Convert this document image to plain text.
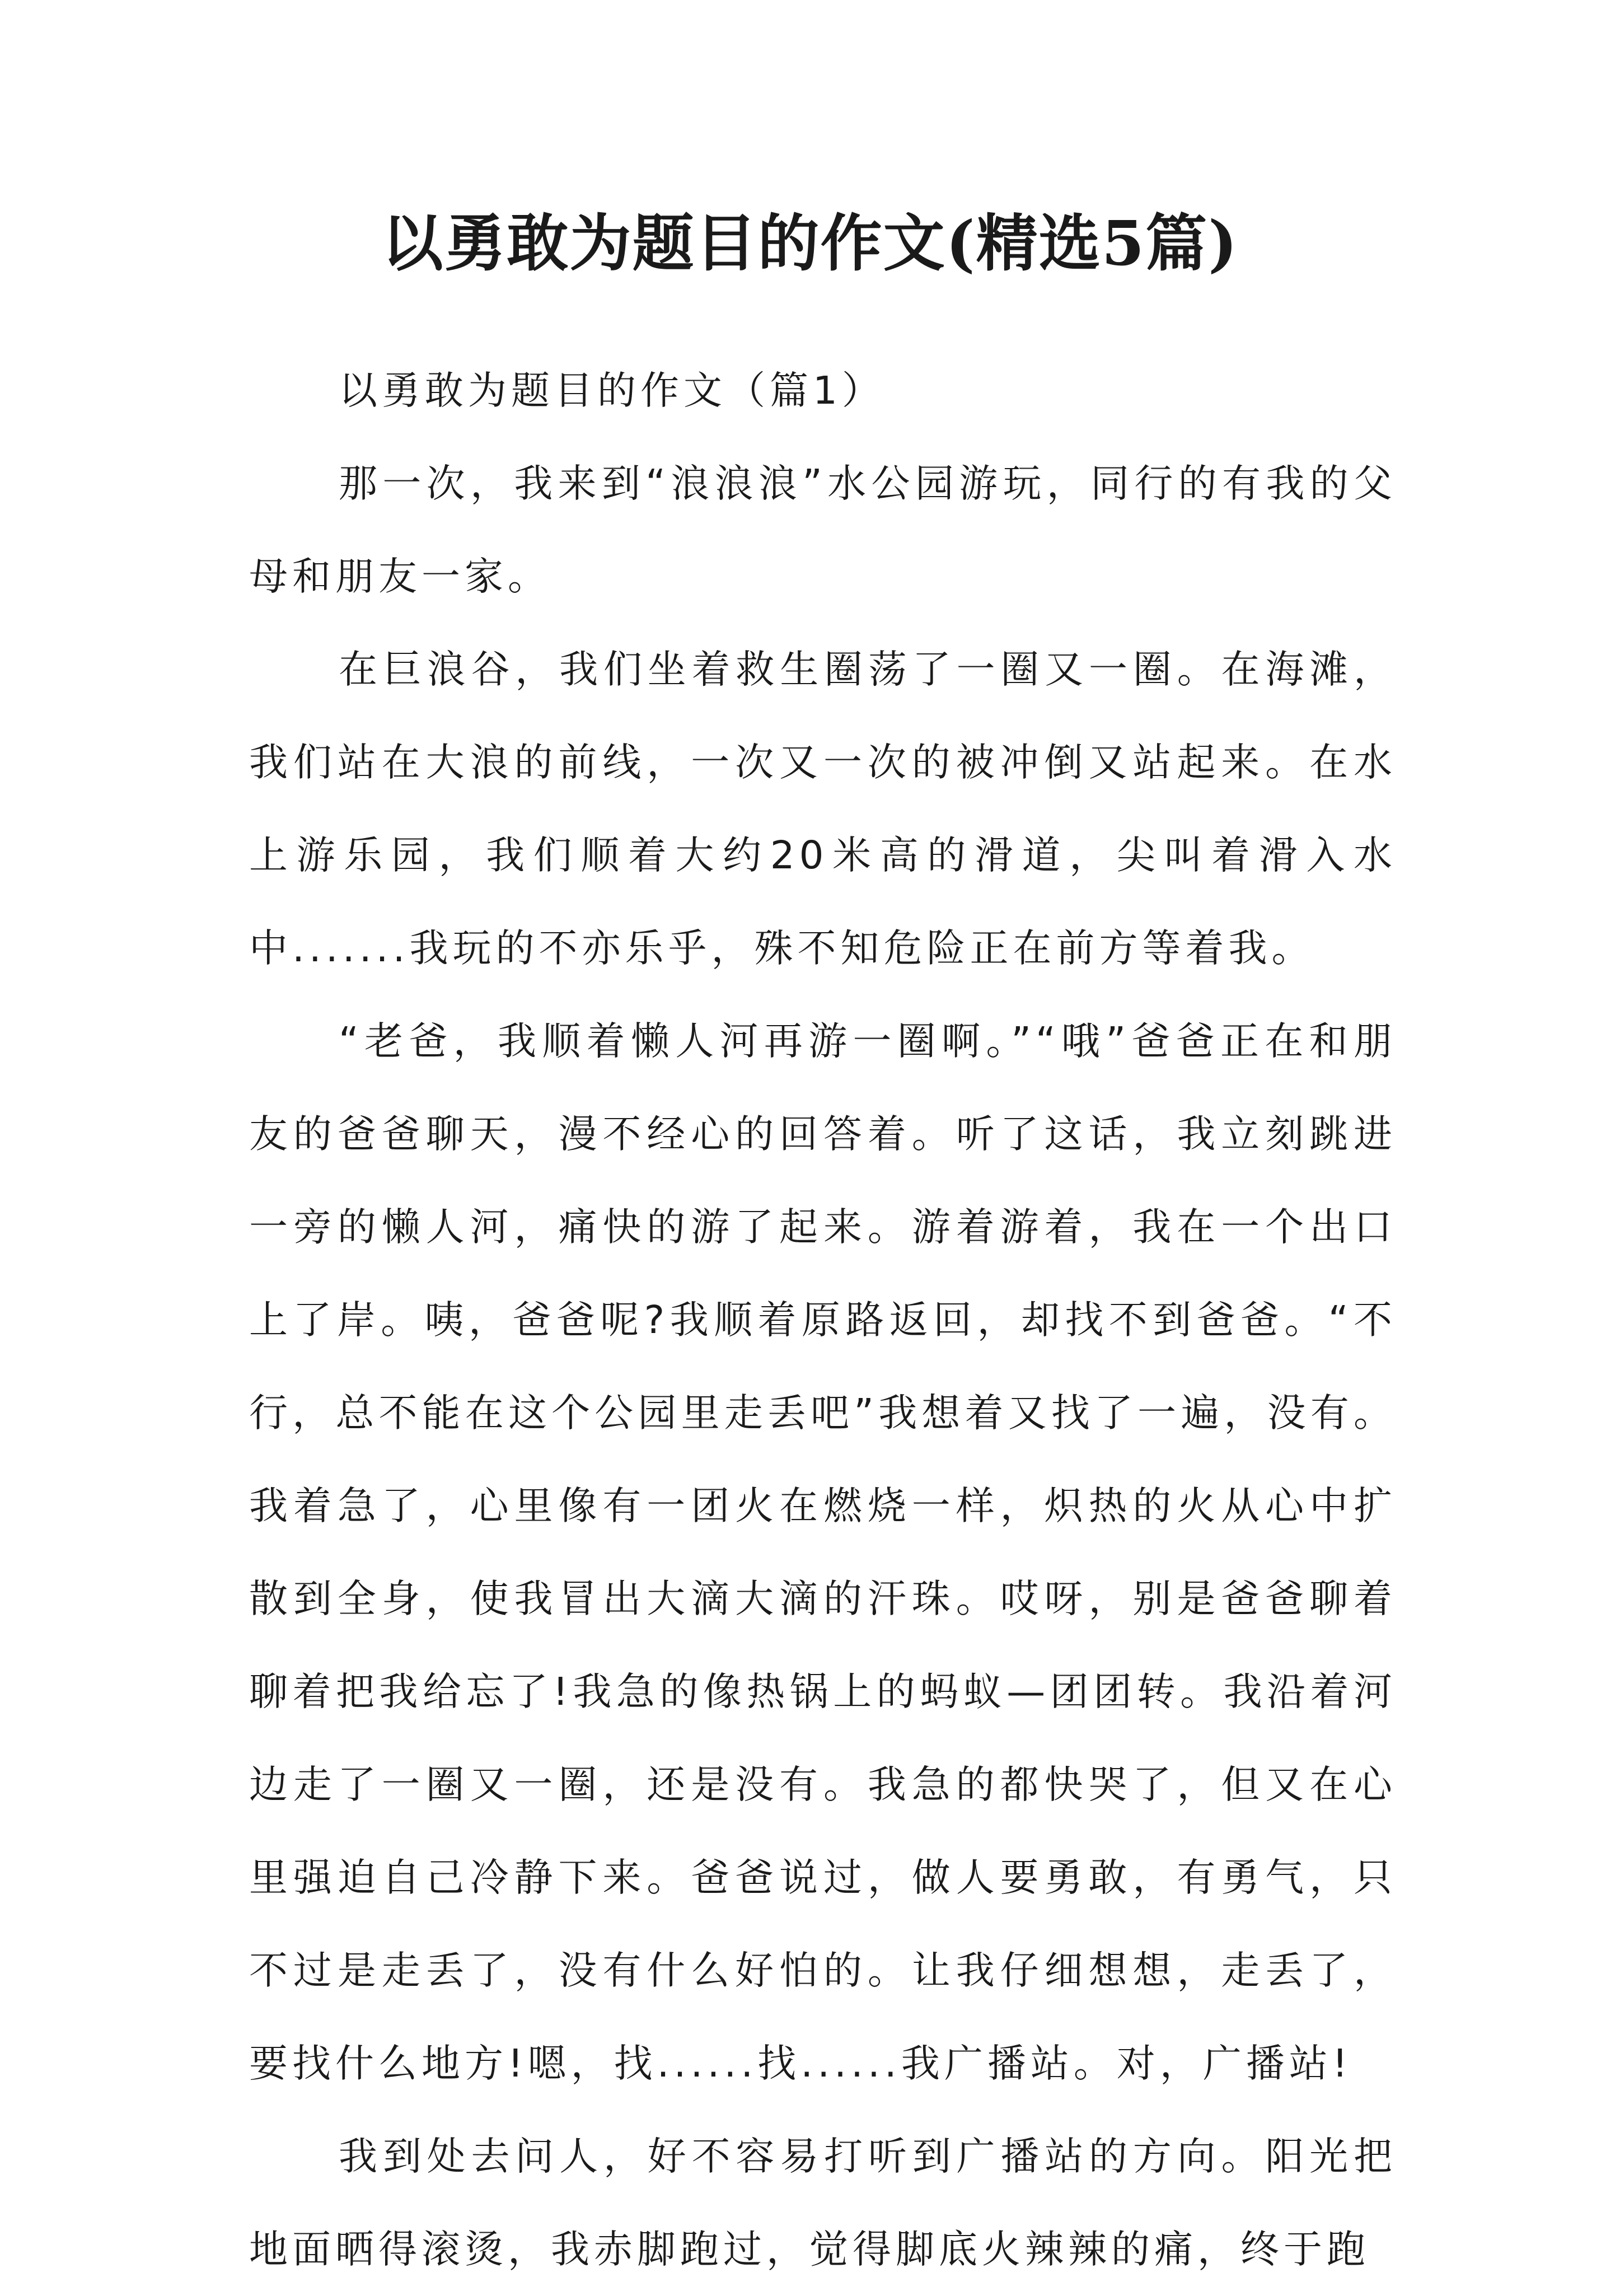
以勇敢为题目的作文(精选5篇)

以勇敢为题目的作文（篇1）

那一次，我来到“浪浪浪”水公园游玩，同行的有我的父母和朋友一家。

在巨浪谷，我们坐着救生圈荡了一圈又一圈。在海滩，我们站在大浪的前线，一次又一次的被冲倒又站起来。在水上游乐园，我们顺着大约20米高的滑道，尖叫着滑入水中.......我玩的不亦乐乎，殊不知危险正在前方等着我。

“老爸，我顺着懒人河再游一圈啊。”“哦”爸爸正在和朋友的爸爸聊天，漫不经心的回答着。听了这话，我立刻跳进一旁的懒人河，痛快的游了起来。游着游着，我在一个出口上了岸。咦，爸爸呢?我顺着原路返回，却找不到爸爸。“不行，总不能在这个公园里走丢吧”我想着又找了一遍，没有。我着急了，心里像有一团火在燃烧一样，炽热的火从心中扩散到全身，使我冒出大滴大滴的汗珠。哎呀，别是爸爸聊着聊着把我给忘了!我急的像热锅上的蚂蚁—团团转。我沿着河边走了一圈又一圈，还是没有。我急的都快哭了，但又在心里强迫自己冷静下来。爸爸说过，做人要勇敢，有勇气，只不过是走丢了，没有什么好怕的。让我仔细想想，走丢了，要找什么地方!嗯，找......找......我广播站。对，广播站!

我到处去问人，好不容易打听到广播站的方向。阳光把地面晒得滚烫，我赤脚跑过，觉得脚底火辣辣的痛，终于跑
